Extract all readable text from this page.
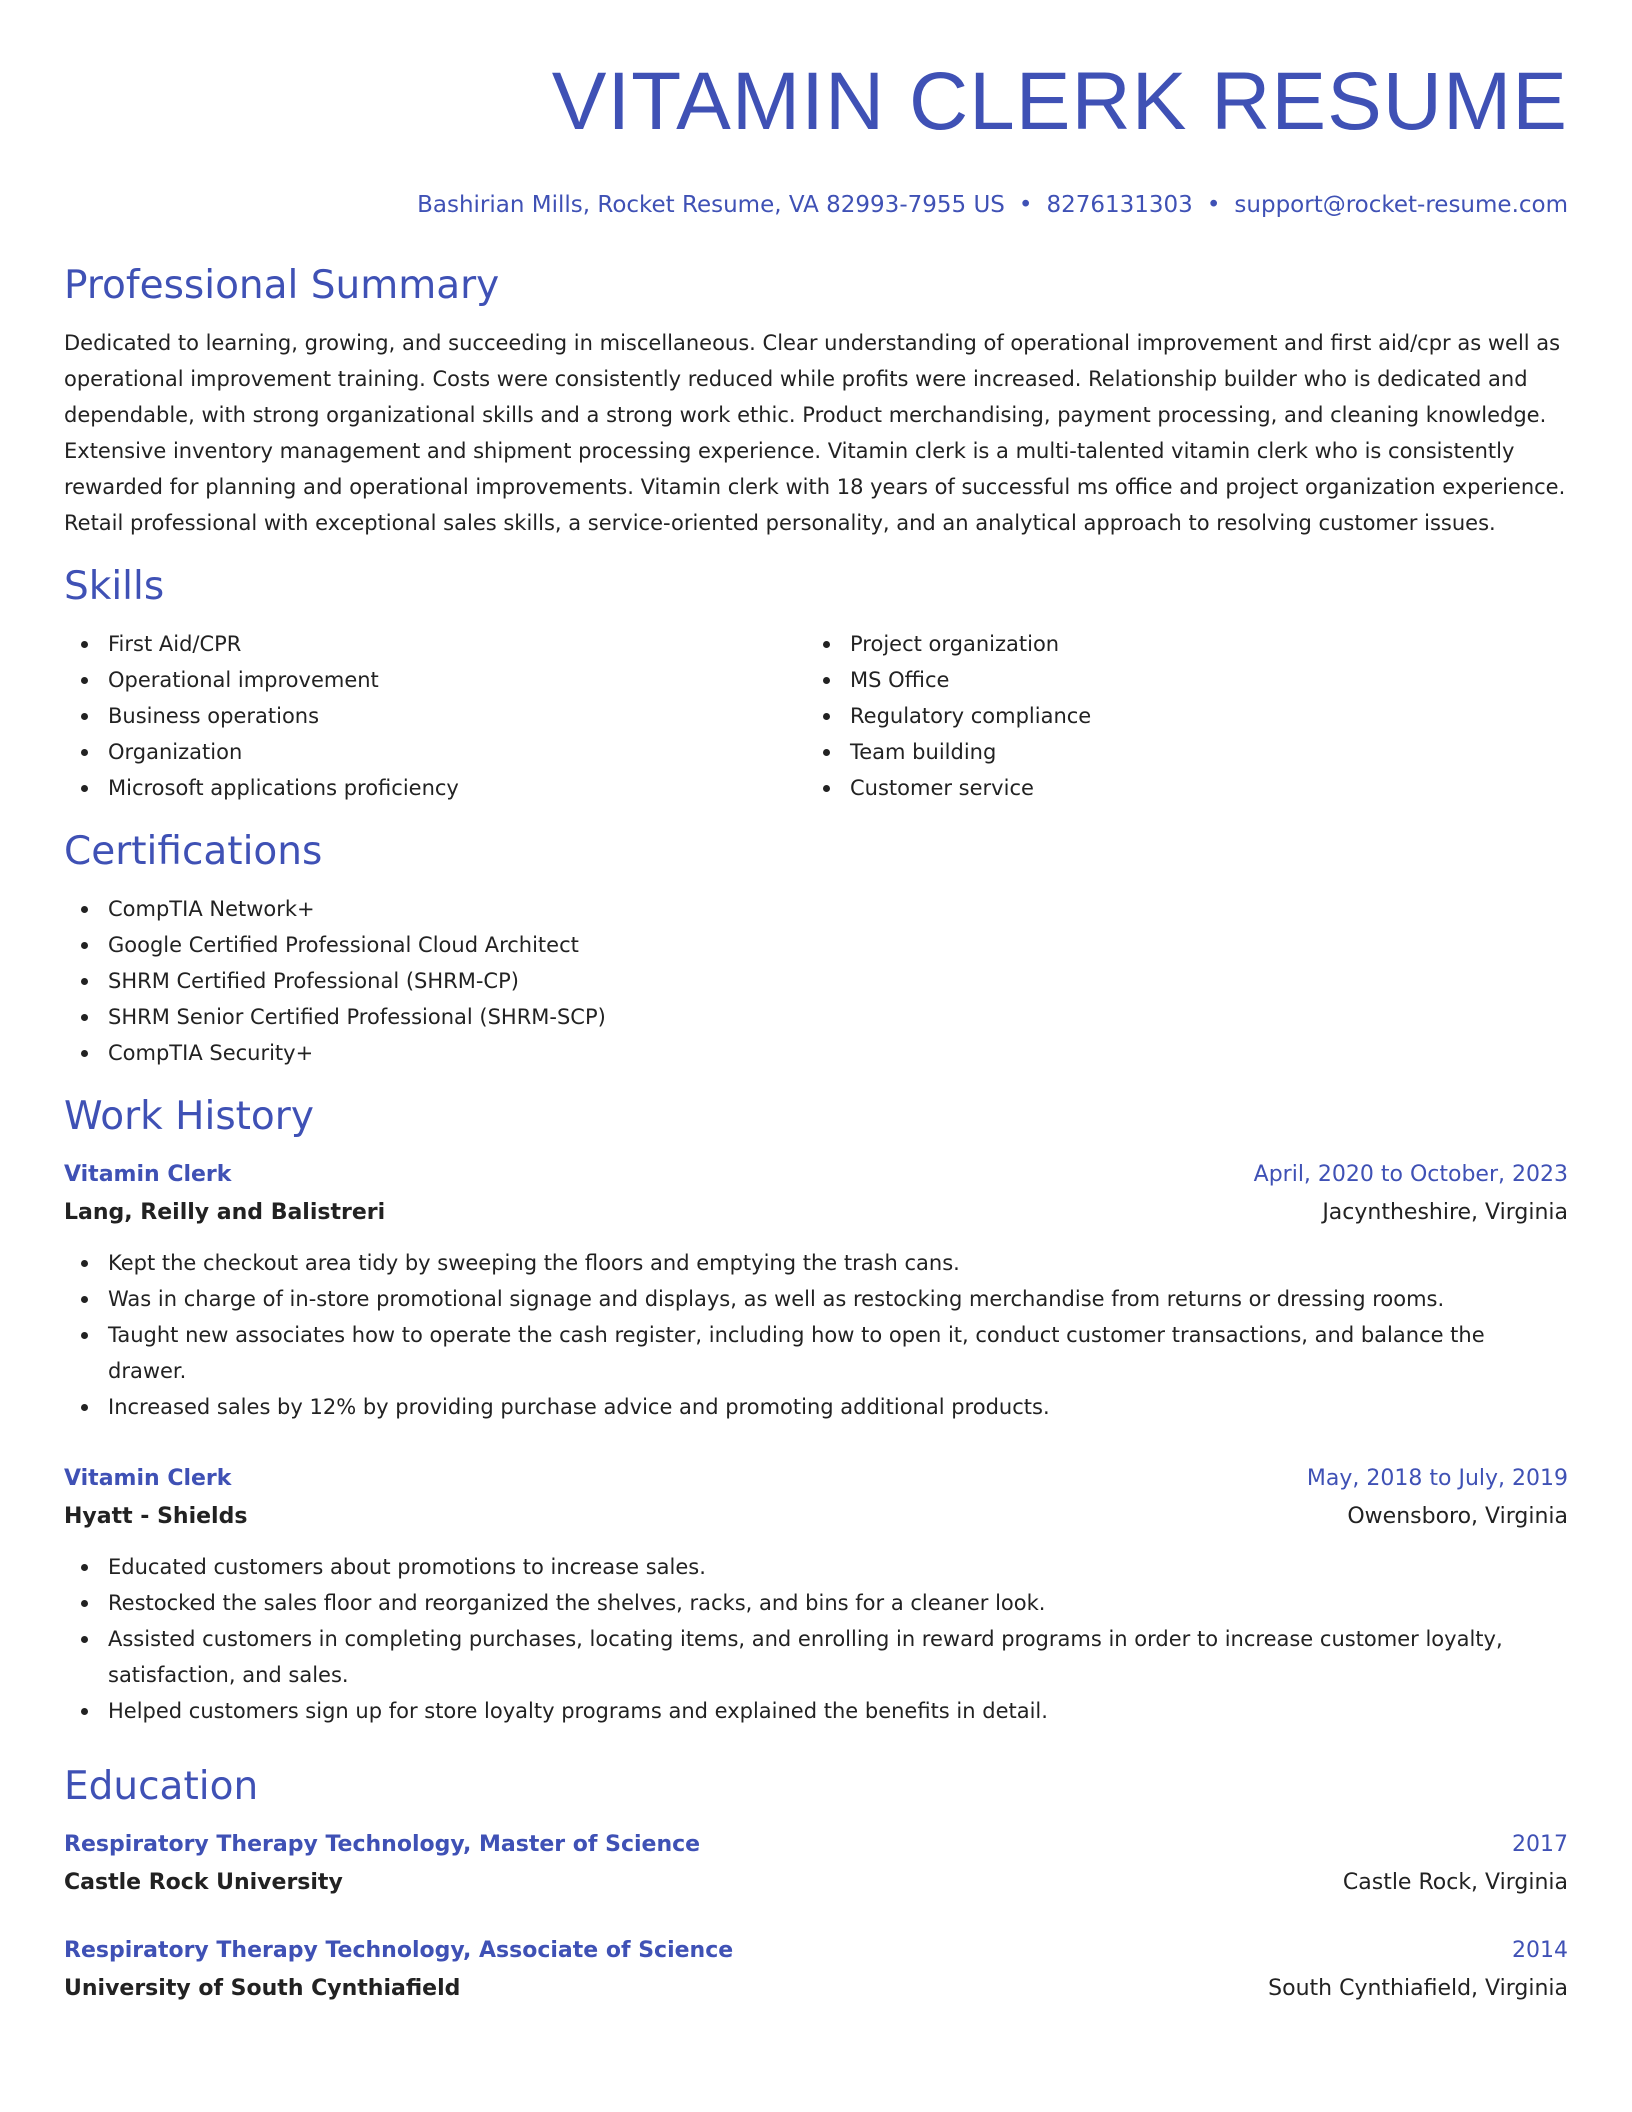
VITAMIN CLERK RESUME
Bashirian Mills, Rocket Resume, VA 82993-7955 US • 8276131303 • support@rocket-resume.com
Professional Summary

Dedicated to learning, growing, and succeeding in miscellaneous. Clear understanding of operational improvement and first aid/cpr as well as operational improvement training. Costs were consistently reduced while profits were increased. Relationship builder who is dedicated and dependable, with strong organizational skills and a strong work ethic. Product merchandising, payment processing, and cleaning knowledge. Extensive inventory management and shipment processing experience. Vitamin clerk is a multi-talented vitamin clerk who is consistently rewarded for planning and operational improvements. Vitamin clerk with 18 years of successful ms office and project organization experience. Retail professional with exceptional sales skills, a service-oriented personality, and an analytical approach to resolving customer issues.

Skills
First Aid/CPR
Operational improvement
Business operations
Organization
Microsoft applications proficiency
Project organization
MS Office
Regulatory compliance
Team building
Customer service
Certifications
CompTIA Network+
Google Certified Professional Cloud Architect
SHRM Certified Professional (SHRM-CP)
SHRM Senior Certified Professional (SHRM-SCP)
CompTIA Security+
Work History
Vitamin Clerk	April, 2020 to October, 2023
Lang, Reilly and Balistreri	Jacyntheshire, Virginia
Kept the checkout area tidy by sweeping the floors and emptying the trash cans.
Was in charge of in-store promotional signage and displays, as well as restocking merchandise from returns or dressing rooms.
Taught new associates how to operate the cash register, including how to open it, conduct customer transactions, and balance the drawer.
Increased sales by 12% by providing purchase advice and promoting additional products.
Vitamin Clerk	May, 2018 to July, 2019
Hyatt - Shields	Owensboro, Virginia
Educated customers about promotions to increase sales.
Restocked the sales floor and reorganized the shelves, racks, and bins for a cleaner look.
Assisted customers in completing purchases, locating items, and enrolling in reward programs in order to increase customer loyalty, satisfaction, and sales.
Helped customers sign up for store loyalty programs and explained the benefits in detail.
Education
Respiratory Therapy Technology, Master of Science	2017
Castle Rock University	Castle Rock, Virginia
Respiratory Therapy Technology, Associate of Science	2014
University of South Cynthiafield	South Cynthiafield, Virginia
